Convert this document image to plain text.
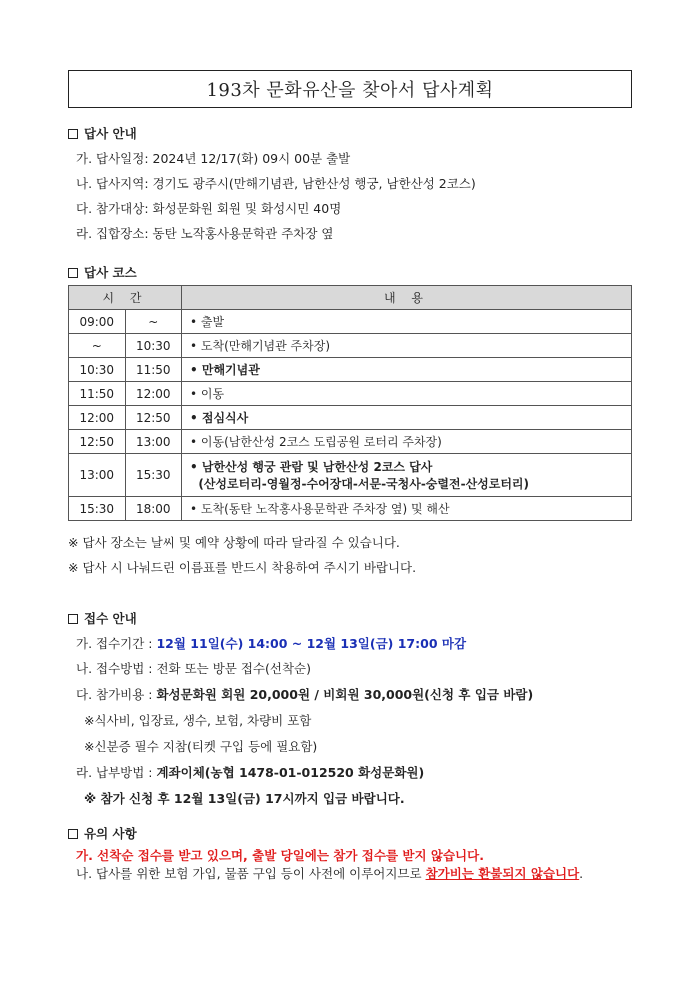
193차 문화유산을 찾아서 답사계획
답사 안내
가. 답사일정: 2024년 12/17(화) 09시 00분 출발
나. 답사지역: 경기도 광주시(만해기념관, 남한산성 행궁, 남한산성 2코스)
다. 참가대상: 화성문화원 회원 및 화성시민 40명
라. 집합장소: 동탄 노작홍사용문학관 주차장 옆
답사 코스
시 간		내 용
09:00	~	• 출발
~	10:30	• 도착(만해기념관 주차장)
10:30	11:50	• 만해기념관
11:50	12:00	• 이동
12:00	12:50	• 점심식사
12:50	13:00	• 이동(남한산성 2코스 도립공원 로터리 주차장)
13:00	15:30	• 남한산성 행궁 관람 및 남한산성 2코스 답사
(산성로터리-영월정-수어장대-서문-국청사-숭렬전-산성로터리)
15:30	18:00	• 도착(동탄 노작홍사용문학관 주차장 옆) 및 해산
※ 답사 장소는 날씨 및 예약 상황에 따라 달라질 수 있습니다.
※ 답사 시 나눠드린 이름표를 반드시 착용하여 주시기 바랍니다.
접수 안내
가. 접수기간 : 12월 11일(수) 14:00 ~ 12월 13일(금) 17:00 마감
나. 접수방법 : 전화 또는 방문 접수(선착순)
다. 참가비용 : 화성문화원 회원 20,000원 / 비회원 30,000원(신청 후 입금 바람)
※식사비, 입장료, 생수, 보험, 차량비 포함
※신분증 필수 지참(티켓 구입 등에 필요함)
라. 납부방법 : 계좌이체(농협 1478-01-012520 화성문화원)
※ 참가 신청 후 12월 13일(금) 17시까지 입금 바랍니다.
유의 사항
가. 선착순 접수를 받고 있으며, 출발 당일에는 참가 접수를 받지 않습니다.
나. 답사를 위한 보험 가입, 물품 구입 등이 사전에 이루어지므로 참가비는 환불되지 않습니다.
